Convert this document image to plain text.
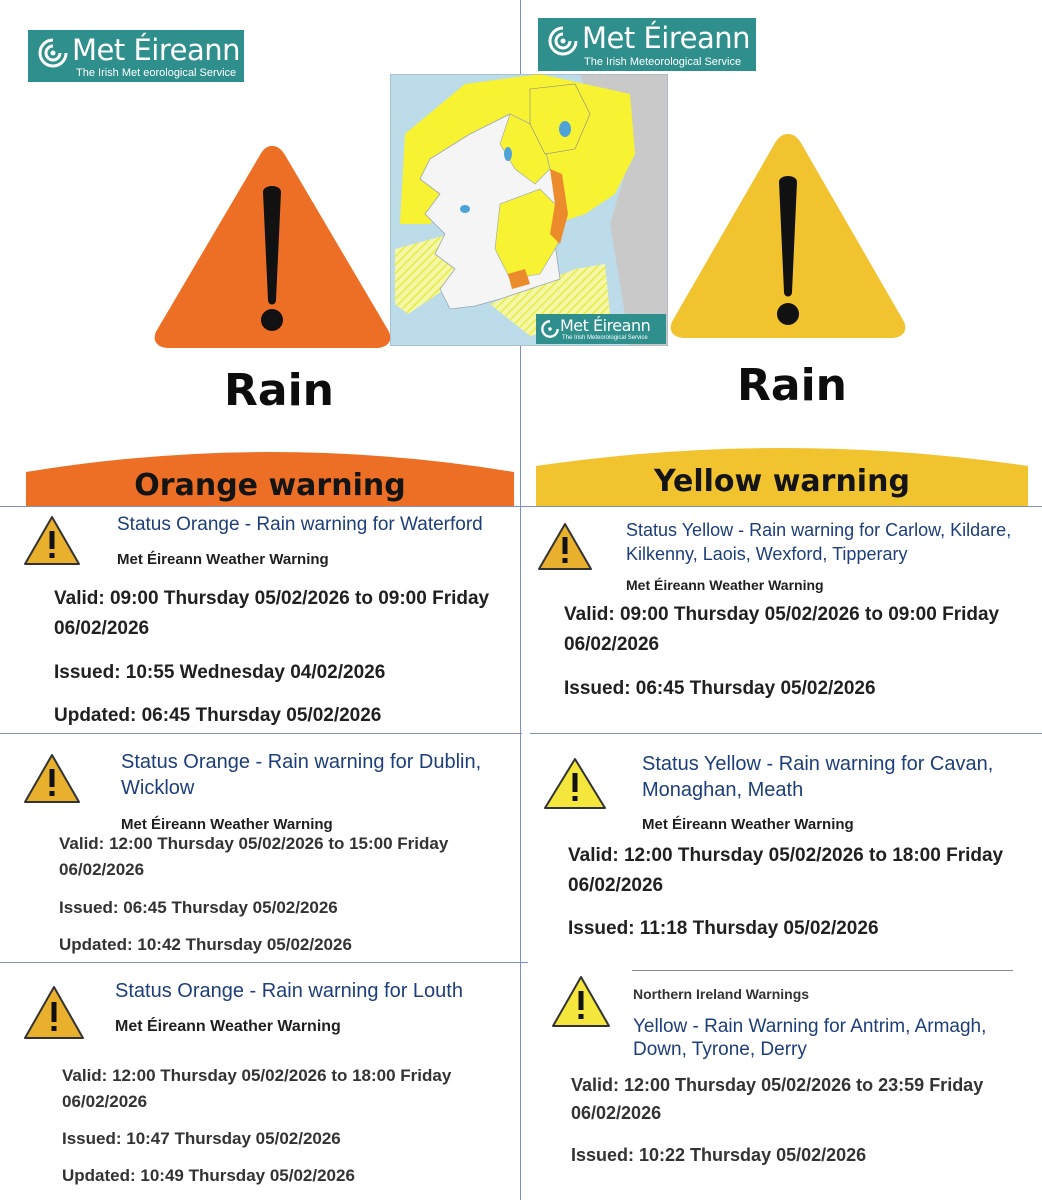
Met Éireann
The Irish Met eorological Service
Met Éireann
The Irish Meteorological Service
Met Éireann
The Irish Meteorological Service
Rain	Rain
Orange warning	Yellow warning
Status Orange - Rain warning for Waterford
Met Éireann Weather Warning
Valid: 09:00 Thursday 05/02/2026 to 09:00 Friday
06/02/2026
Issued: 10:55 Wednesday 04/02/2026
Updated: 06:45 Thursday 05/02/2026
Status Orange - Rain warning for Dublin,
Wicklow
Met Éireann Weather Warning
Valid: 12:00 Thursday 05/02/2026 to 15:00 Friday
06/02/2026
Issued: 06:45 Thursday 05/02/2026
Updated: 10:42 Thursday 05/02/2026
Status Orange - Rain warning for Louth
Met Éireann Weather Warning
Valid: 12:00 Thursday 05/02/2026 to 18:00 Friday
06/02/2026
Issued: 10:47 Thursday 05/02/2026
Updated: 10:49 Thursday 05/02/2026
Status Yellow - Rain warning for Carlow, Kildare,
Kilkenny, Laois, Wexford, Tipperary
Met Éireann Weather Warning
Valid: 09:00 Thursday 05/02/2026 to 09:00 Friday
06/02/2026
Issued: 06:45 Thursday 05/02/2026
Status Yellow - Rain warning for Cavan,
Monaghan, Meath
Met Éireann Weather Warning
Valid: 12:00 Thursday 05/02/2026 to 18:00 Friday
06/02/2026
Issued: 11:18 Thursday 05/02/2026
Northern Ireland Warnings
Yellow - Rain Warning for Antrim, Armagh,
Down, Tyrone, Derry
Valid: 12:00 Thursday 05/02/2026 to 23:59 Friday
06/02/2026
Issued: 10:22 Thursday 05/02/2026
